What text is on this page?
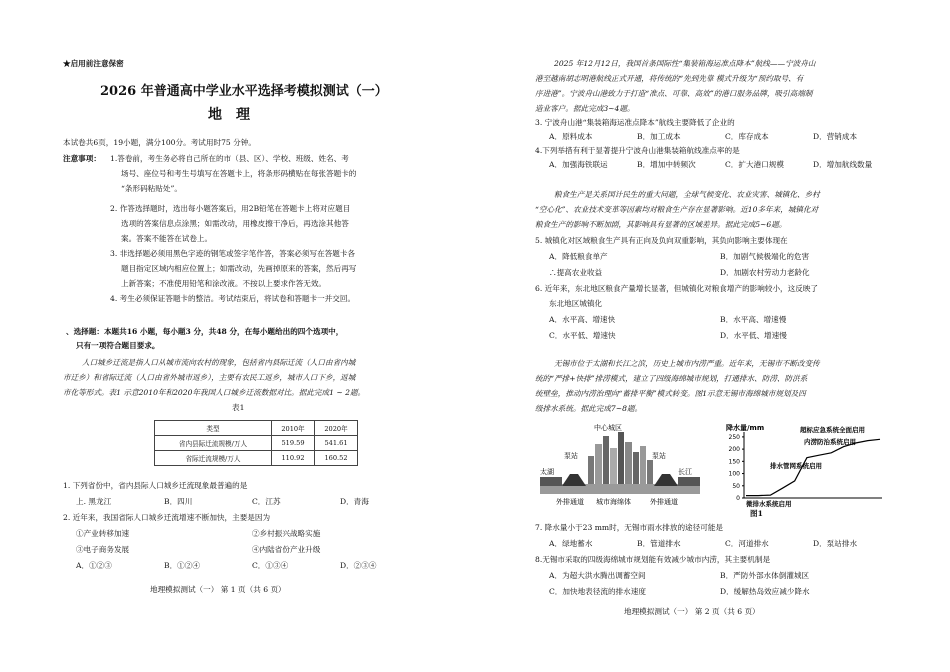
★启用前注意保密
2026 年普通高中学业水平选择考模拟测试（一）
地理
本试卷共6页，19小题，满分100分。考试用时75 分钟。
注意事项： 1.答卷前，考生务必将自己所在的市（县、区）、学校、班级、姓名、考
场号、座位号和考生号填写在答题卡上，将条形码横贴在每张答题卡的
“条形码粘贴处”。
2. 作答选择题时，选出每小题答案后，用2B铅笔在答题卡上将对应题目
选项的答案信息点涂黑；如需改动，用橡皮擦干净后，再选涂其他答
案。答案不能答在试卷上。
3. 非选择题必须用黑色字迹的钢笔或签字笔作答，答案必须写在答题卡各
题目指定区域内相应位置上；如需改动，先画掉原来的答案，然后再写
上新答案；不准使用铅笔和涂改液。不按以上要求作答无效。
4. 考生必须保证答题卡的整洁。考试结束后，将试卷和答题卡一并交回。
、选择题：本题共16 小题，每小题3 分，共48 分，在每小题给出的四个选项中，
只有一项符合题目要求。
人口城乡迁流是指人口从城市流向农村的现象，包括省内县际迁流（人口由省内城
市迁乡）和省际迁流（人口由省外城市返乡），主要有农民工返乡，城市人口下乡，返城
市化等形式。表1 示意2010年和2020年我国人口城乡迁流数据对比。据此完成1 ~ 2题。
表1
类型	2010年	2020年
省内县际迁流规模/万人	519.59	541.61
省际迁流规模/万人	110.92	160.52
1. 下列省份中，省内县际人口城乡迁流现象最普遍的是
上. 黑龙江	B．四川	C．江苏	D．青海
2. 近年来，我国省际人口城乡迁流增速不断加快，主要是因为
①产业转移加速	②乡村振兴战略实施
③电子商务发展	④内陆省份产业升级
A．①②③	B．①②④	C．①③④	D．②③④
地理模拟测试（一） 第 1 页（共 6 页）
2025 年12月12日，我国首条国际性“集装箱海运准点降本”航线——宁波舟山
港至越南胡志明港航线正式开通，将传统的“先到先靠 模式升级为“预约取号、有
序进港”。宁波舟山港致力于打造“准点、可靠、高效”的港口服务品牌，吸引高端制
造业客户。据此完成3~4题。
3. 宁波舟山港“集装箱海运准点降本”航线主要降低了企业的
A．原料成本	B．加工成本	C．库存成本	D．营销成本
4.下列举措有利于显著提升宁波舟山港集装箱航线准点率的是
A．加强海铁联运	B．增加中转频次	C．扩大港口规模	D．增加航线数量
粮食生产是关系国计民生的重大问题，全球气候变化、农业灾害、城镇化、乡村
“空心化”、农业技术变革等因素均对粮食生产存在显著影响。近10多年来，城镇化对
粮食生产的影响不断加剧，其影响具有显著的区域差异。据此完成5~6题。
5. 城镇化对区域粮食生产具有正向及负向双重影响，其负向影响主要体现在
A．降低粮食单产	B．加剧气候极端化的危害
∴提高农业收益	D．加剧农村劳动力老龄化
6. 近年来，东北地区粮食产量增长显著，但城镇化对粮食增产的影响较小，这反映了
东北地区城镇化
A．水平高、增速快	B．水平高、增速慢
C．水平低、增速快	D．水平低、增速慢
无锡市位于太湖和长江之滨，历史上城市内涝严重。近年来，无锡市不断改变传
统的“严排+快排”排涝模式，建立了四级海绵城市规划，打通排水、防涝、防洪系
统壁垒，推动内涝治理向“蓄排平衡”模式转变。图1示意无锡市海绵城市规划及四
级排水系统。据此完成7~8题。
中心城区
泵站	泵站
太湖	长江
外排通道 城市海绵体	外排通道
降水量/mm
0
50
100
150
200
250
超标应急系统全面启用
内涝防治系统启用
排水管网系统启用
微排水系统启用
图1
7. 降水量小于23 mm时，无锡市雨水排放的途径可能是
A．绿地蓄水	B．管道排水	C．河道排水	D．泵站排水
8.无锡市采取的四级海绵城市规划能有效减少城市内涝，其主要机制是
A．为超大洪水腾出调蓄空间	B．严防外部水体倒灌城区
C．加快地表径流的排水速度	D．缓解热岛效应减少降水
地理模拟测试（一） 第 2 页（共 6 页）
